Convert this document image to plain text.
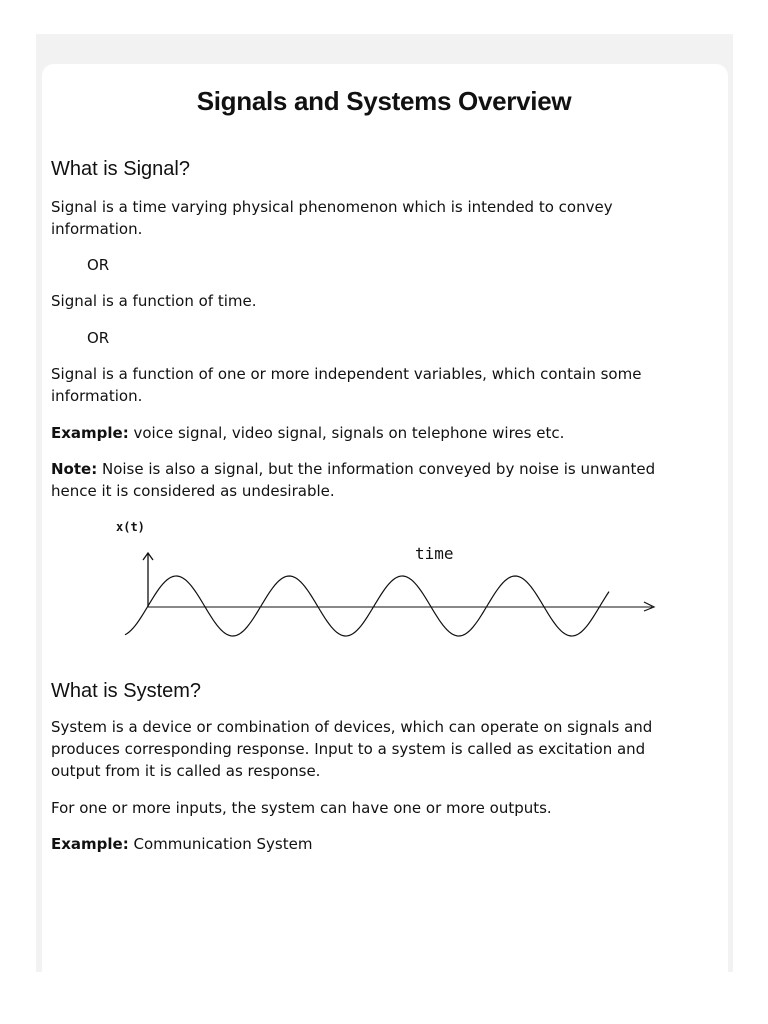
Signals and Systems Overview
What is Signal?

Signal is a time varying physical phenomenon which is intended to convey information.

OR

Signal is a function of time.

OR

Signal is a function of one or more independent variables, which contain some information.

Example: voice signal, video signal, signals on telephone wires etc.

Note: Noise is also a signal, but the information conveyed by noise is unwanted hence it is considered as undesirable.

x(t)
time
What is System?

System is a device or combination of devices, which can operate on signals and produces corresponding response. Input to a system is called as excitation and output from it is called as response.

For one or more inputs, the system can have one or more outputs.

Example: Communication System
